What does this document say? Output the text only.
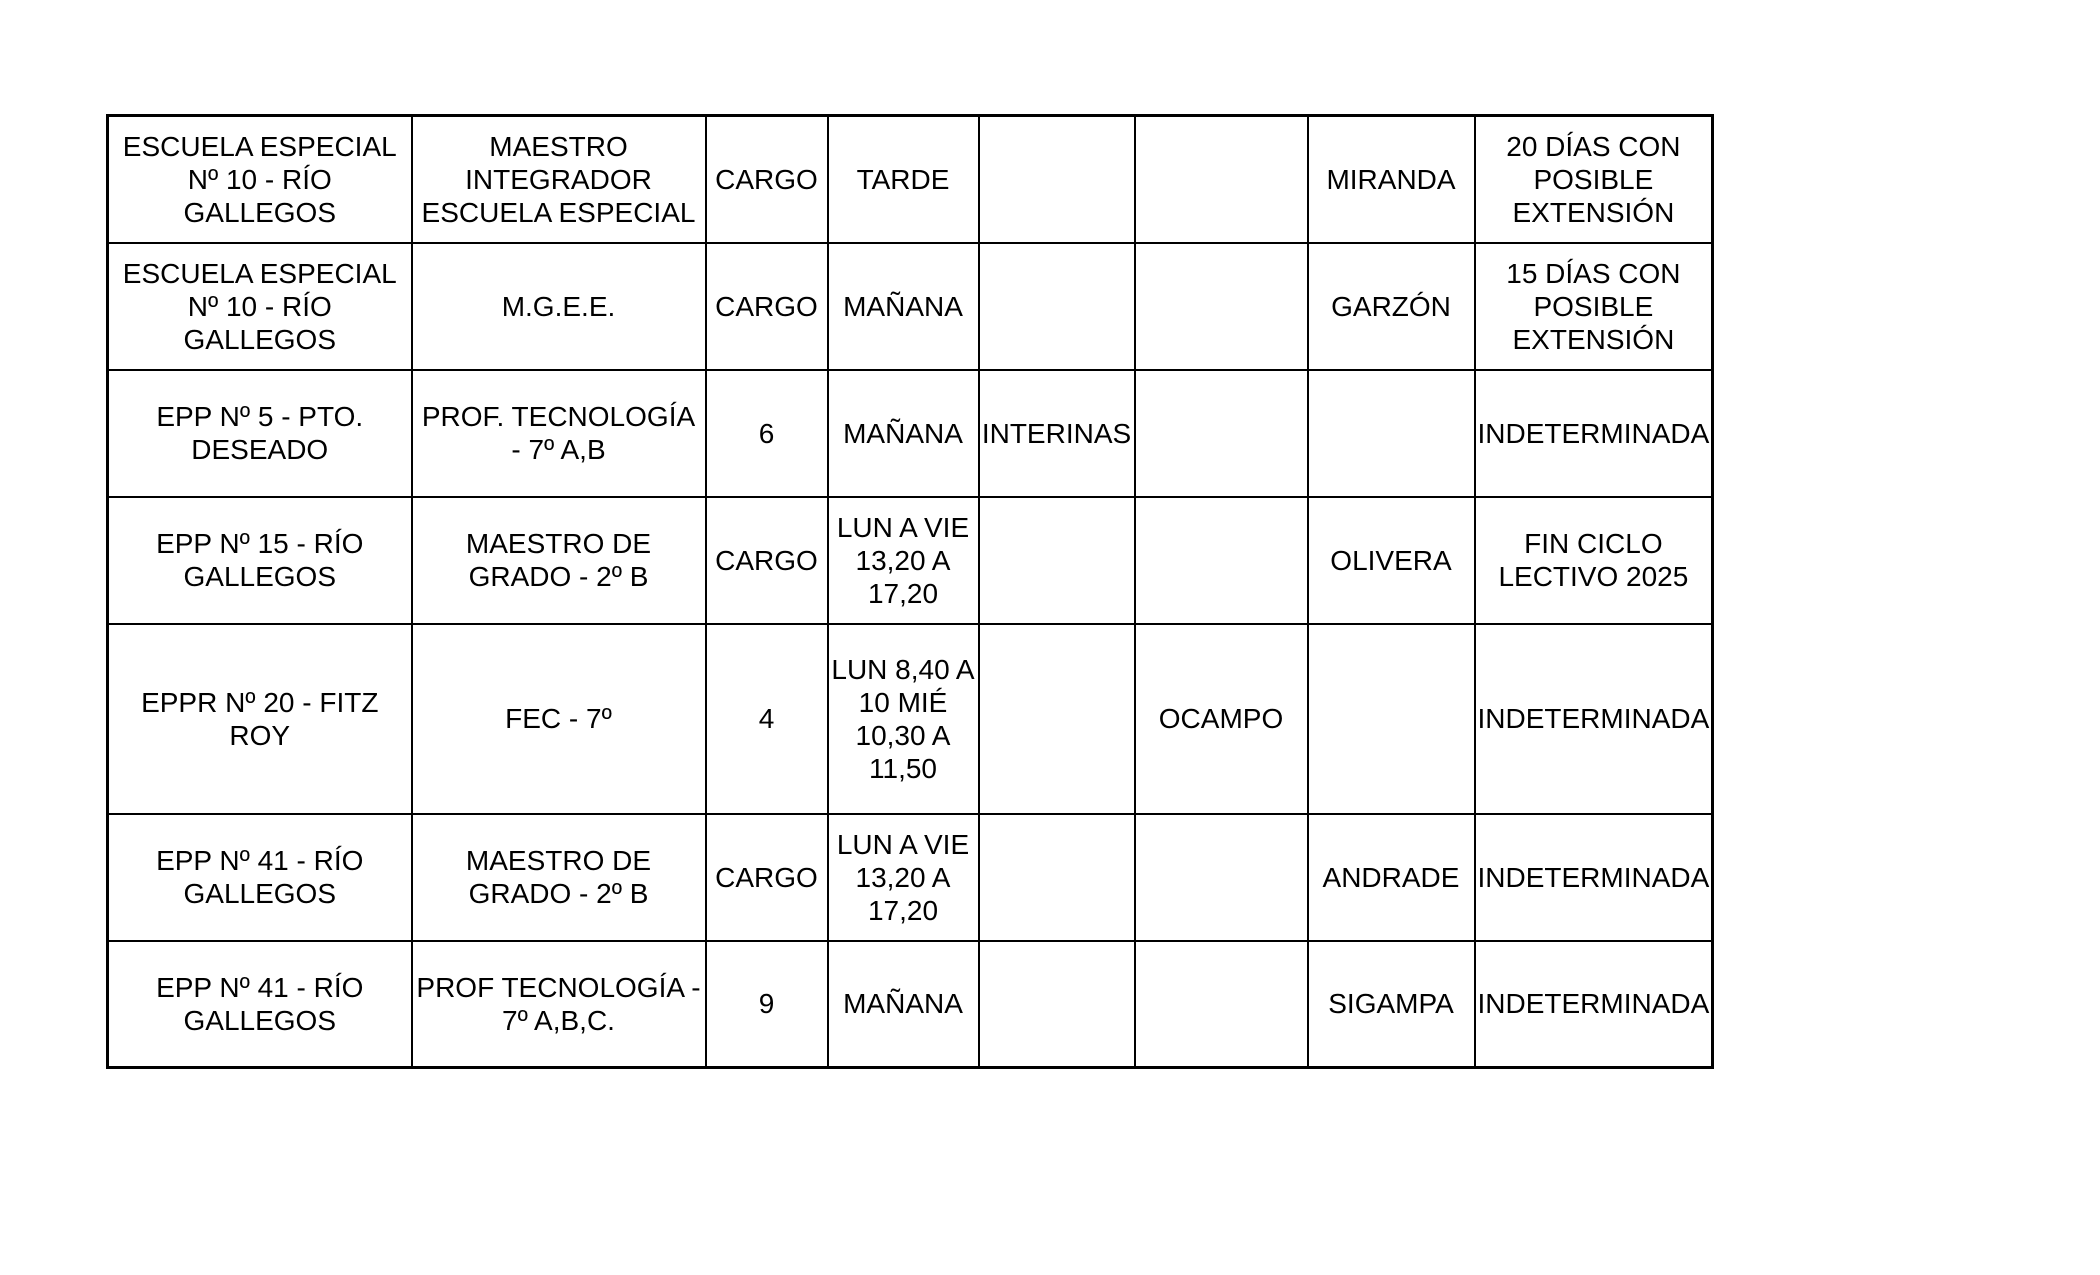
ESCUELA ESPECIAL Nº 10 - RÍO GALLEGOS	MAESTRO INTEGRADOR ESCUELA ESPECIAL	CARGO	TARDE			MIRANDA	20 DÍAS CON POSIBLE EXTENSIÓN
ESCUELA ESPECIAL Nº 10 - RÍO GALLEGOS	M.G.E.E.	CARGO	MAÑANA			GARZÓN	15 DÍAS CON POSIBLE EXTENSIÓN
EPP Nº 5 - PTO. DESEADO	PROF. TECNOLOGÍA - 7º A,B	6	MAÑANA	INTERINAS			INDETERMINADA
EPP Nº 15 - RÍO GALLEGOS	MAESTRO DE GRADO - 2º B	CARGO	LUN A VIE 13,20 A 17,20			OLIVERA	FIN CICLO LECTIVO 2025
EPPR Nº 20 - FITZ ROY	FEC - 7º	4	LUN 8,40 A 10 MIÉ 10,30 A 11,50		OCAMPO		INDETERMINADA
EPP Nº 41 - RÍO GALLEGOS	MAESTRO DE GRADO - 2º B	CARGO	LUN A VIE 13,20 A 17,20			ANDRADE	INDETERMINADA
EPP Nº 41 - RÍO GALLEGOS	PROF TECNOLOGÍA - 7º A,B,C.	9	MAÑANA			SIGAMPA	INDETERMINADA
